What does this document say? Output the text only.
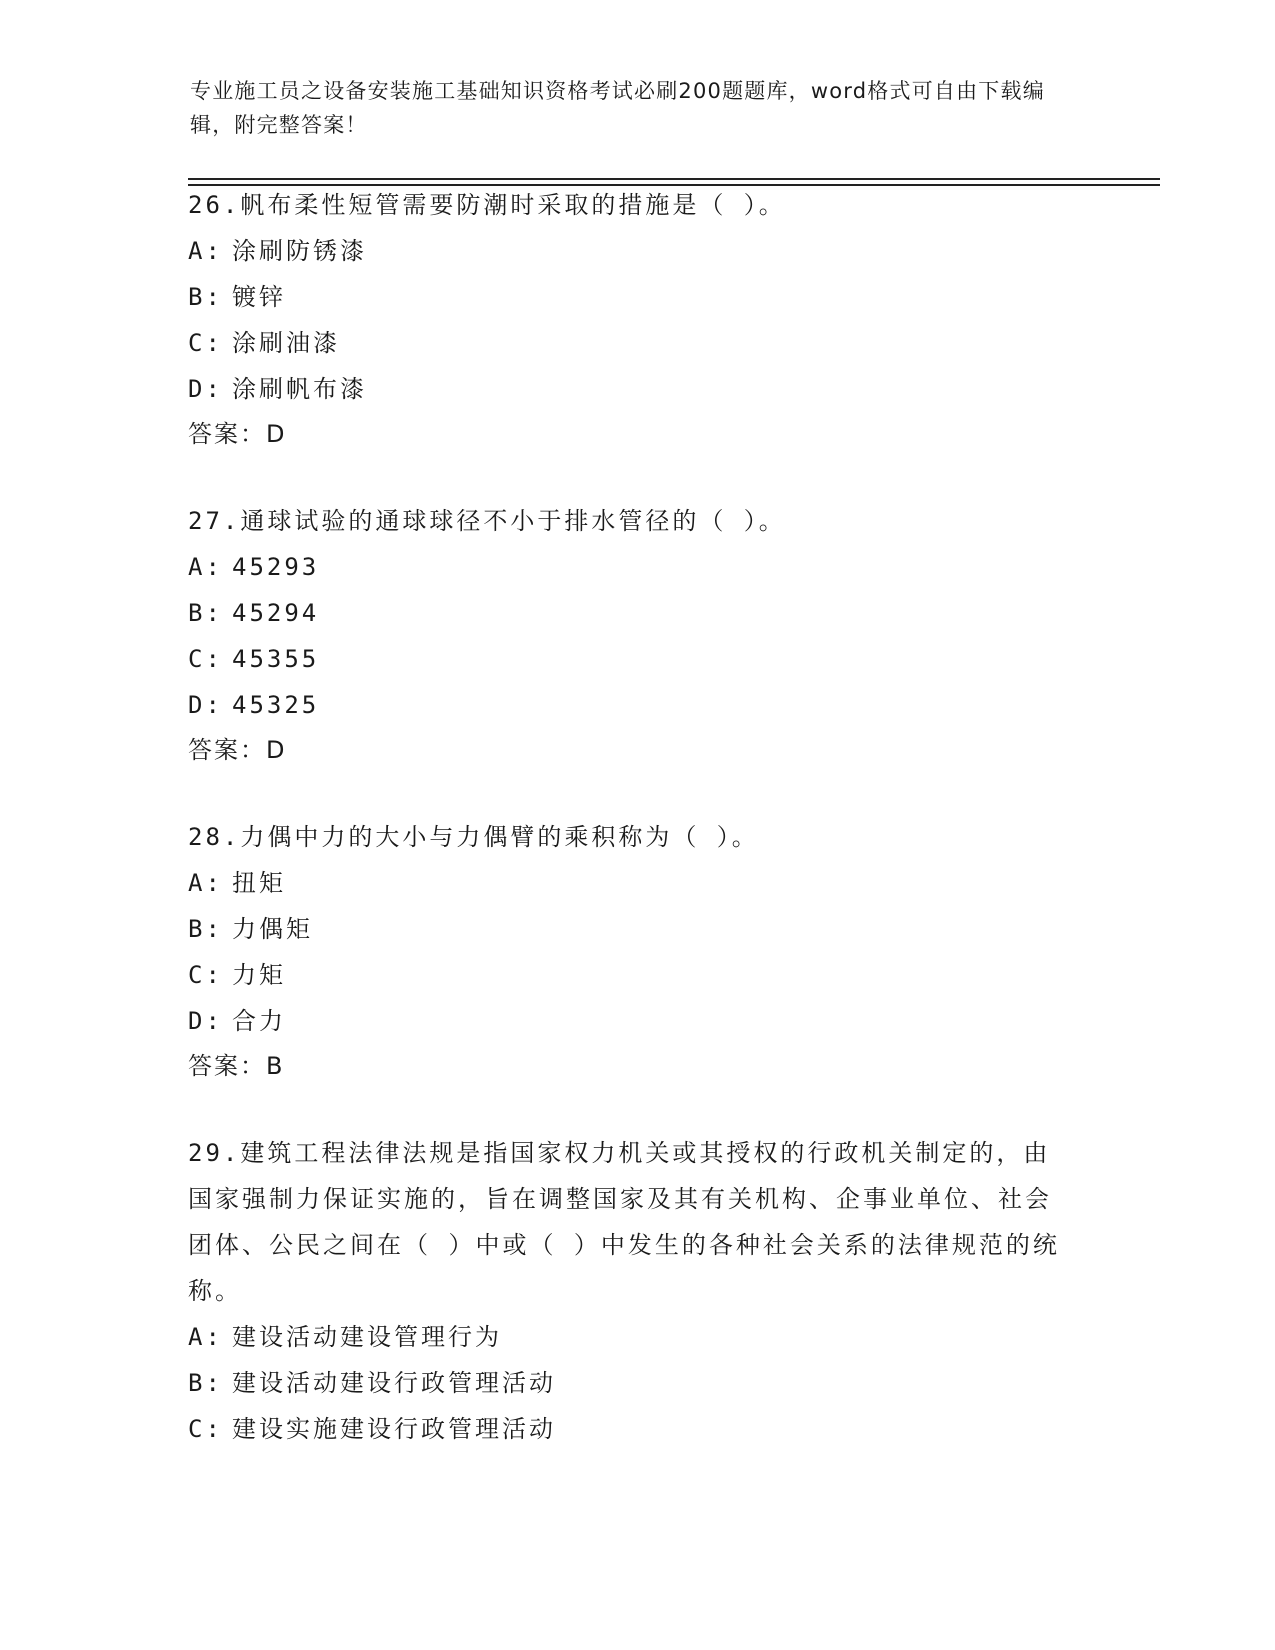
专业施工员之设备安装施工基础知识资格考试必刷200题题库，word格式可自由下载编辑，附完整答案！

26.帆布柔性短管需要防潮时采取的措施是（ ）。

A: 涂刷防锈漆

B: 镀锌

C: 涂刷油漆

D: 涂刷帆布漆

答案：D

27.通球试验的通球球径不小于排水管径的（ ）。

A: 45293

B: 45294

C: 45355

D: 45325

答案：D

28.力偶中力的大小与力偶臂的乘积称为（ ）。

A: 扭矩

B: 力偶矩

C: 力矩

D: 合力

答案：B

29.建筑工程法律法规是指国家权力机关或其授权的行政机关制定的，由国家强制力保证实施的，旨在调整国家及其有关机构、企事业单位、社会团体、公民之间在（ ）中或（ ）中发生的各种社会关系的法律规范的统称。

A: 建设活动建设管理行为

B: 建设活动建设行政管理活动

C: 建设实施建设行政管理活动
